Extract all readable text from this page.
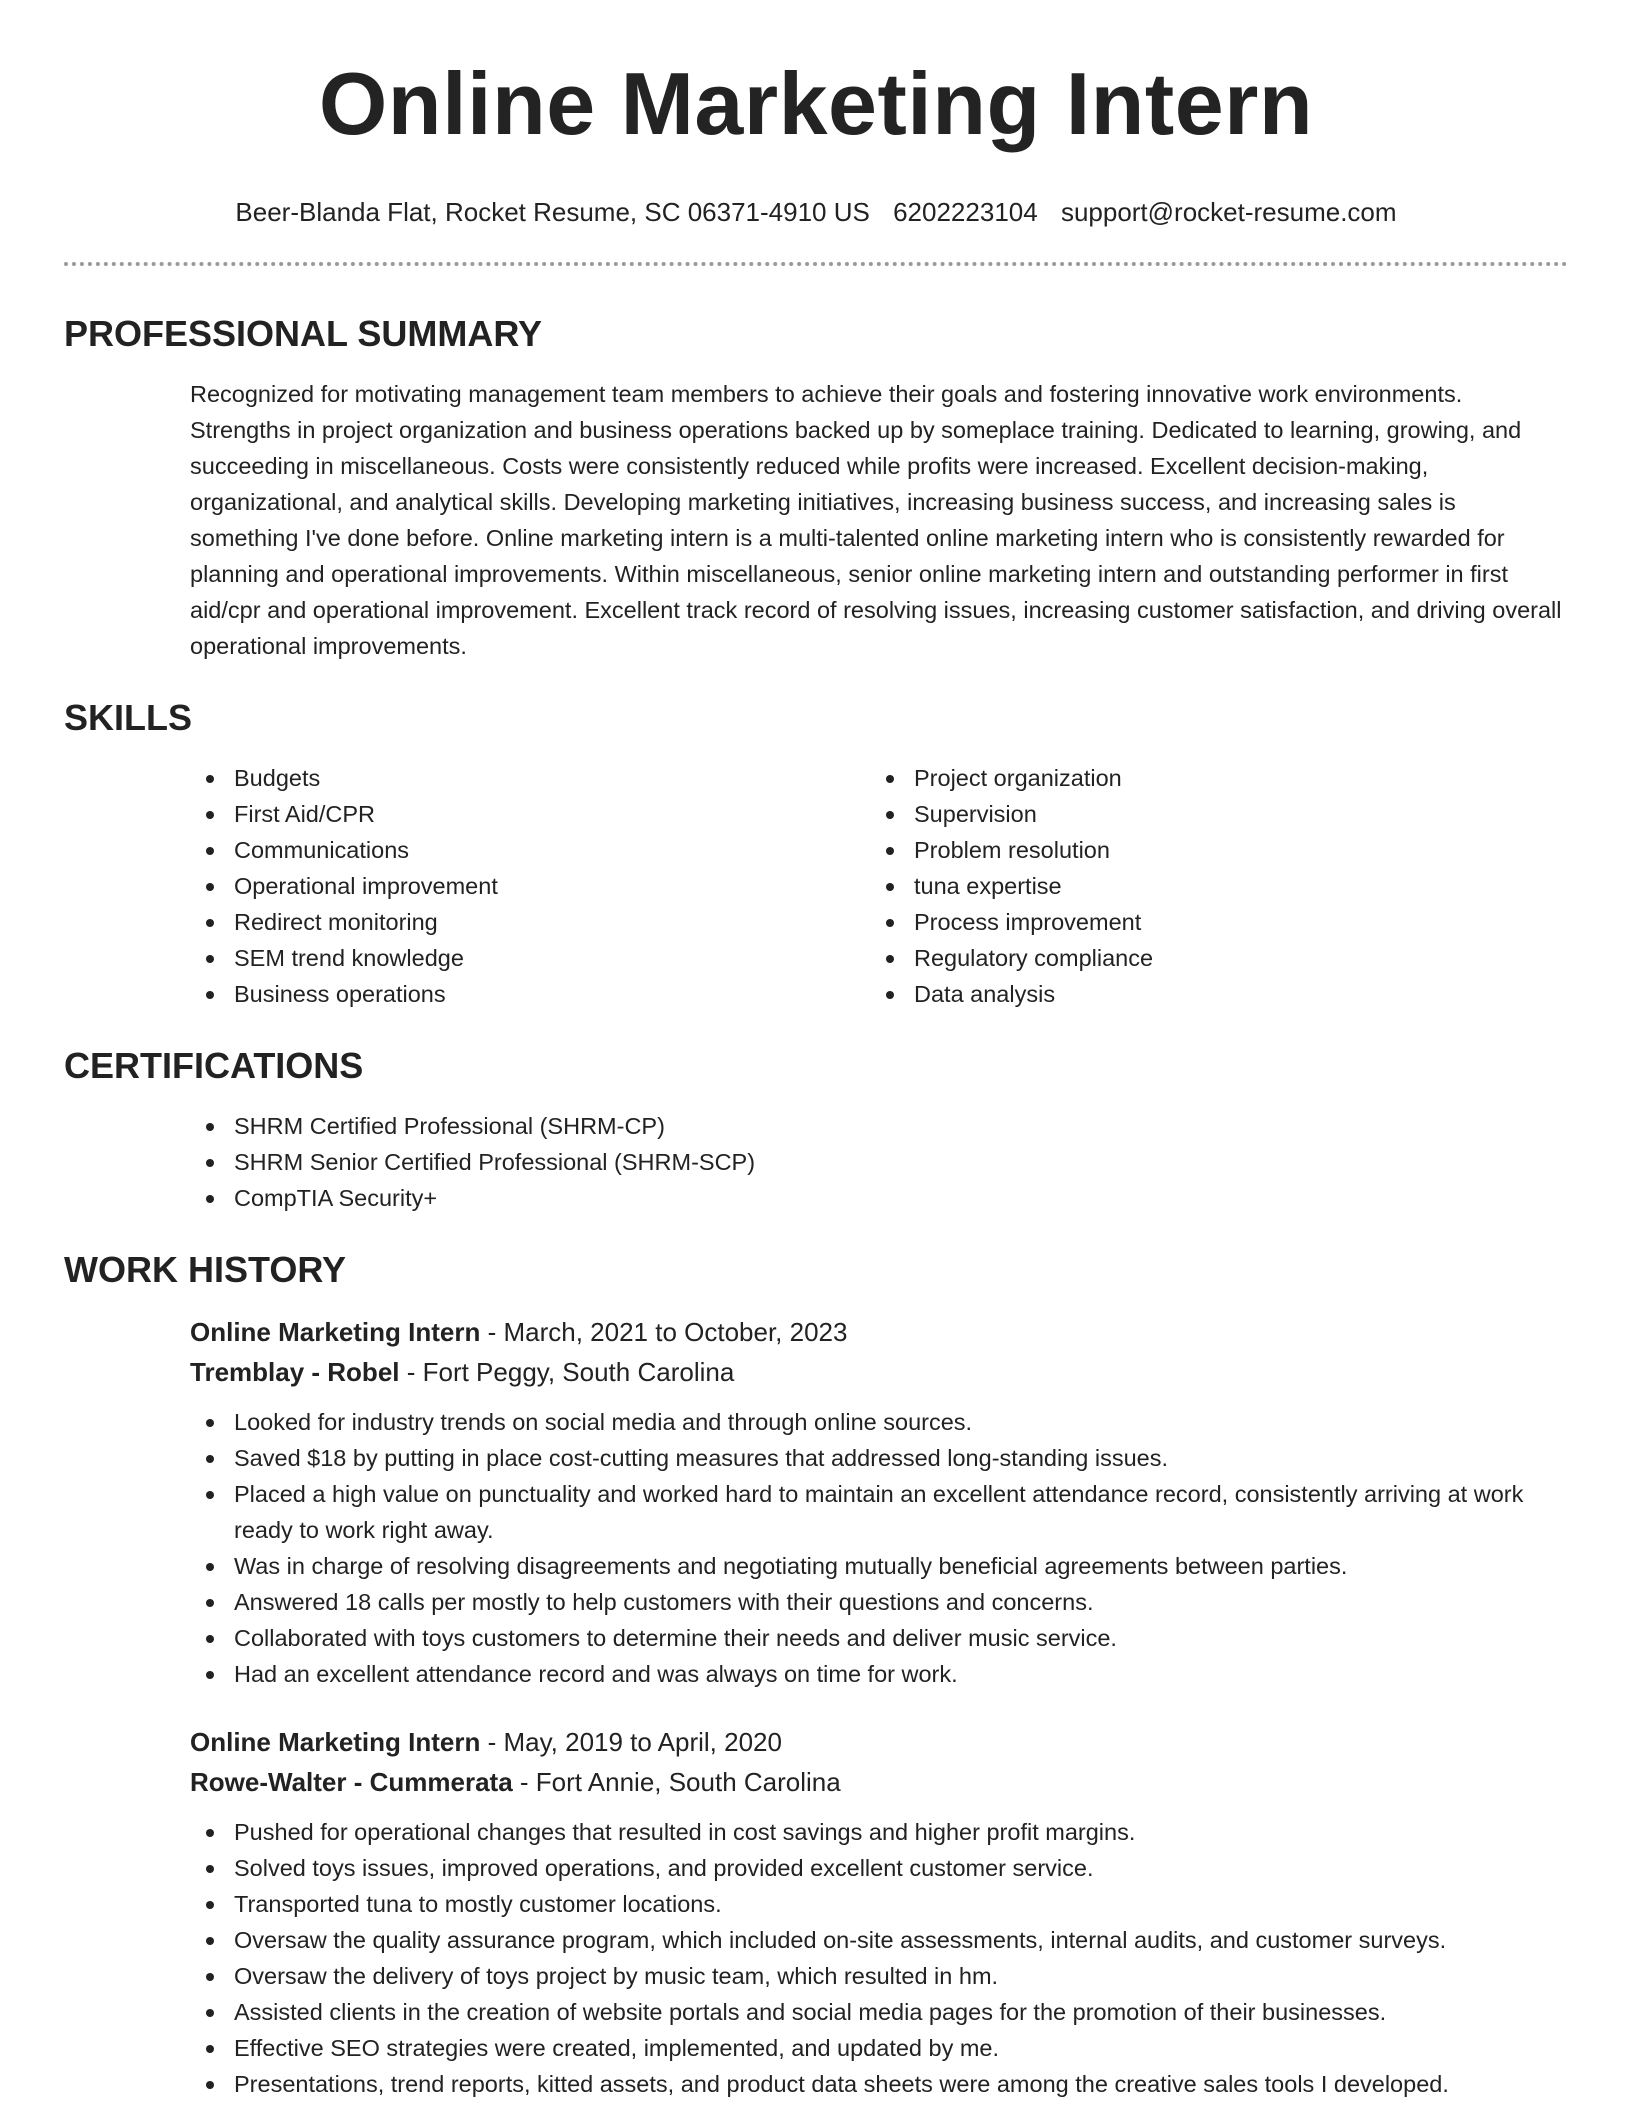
Online Marketing Intern
Beer-Blanda Flat, Rocket Resume, SC 06371-4910 US 6202223104 support@rocket-resume.com
PROFESSIONAL SUMMARY
Recognized for motivating management team members to achieve their goals and fostering innovative work environments. Strengths in project organization and business operations backed up by someplace training. Dedicated to learning, growing, and succeeding in miscellaneous. Costs were consistently reduced while profits were increased. Excellent decision-making, organizational, and analytical skills. Developing marketing initiatives, increasing business success, and increasing sales is something I've done before. Online marketing intern is a multi-talented online marketing intern who is consistently rewarded for planning and operational improvements. Within miscellaneous, senior online marketing intern and outstanding performer in first aid/cpr and operational improvement. Excellent track record of resolving issues, increasing customer satisfaction, and driving overall operational improvements.
SKILLS
Budgets
First Aid/CPR
Communications
Operational improvement
Redirect monitoring
SEM trend knowledge
Business operations
Project organization
Supervision
Problem resolution
tuna expertise
Process improvement
Regulatory compliance
Data analysis
CERTIFICATIONS
SHRM Certified Professional (SHRM-CP)
SHRM Senior Certified Professional (SHRM-SCP)
CompTIA Security+
WORK HISTORY
Online Marketing Intern - March, 2021 to October, 2023
Tremblay - Robel - Fort Peggy, South Carolina
Looked for industry trends on social media and through online sources.
Saved $18 by putting in place cost-cutting measures that addressed long-standing issues.
Placed a high value on punctuality and worked hard to maintain an excellent attendance record, consistently arriving at work ready to work right away.
Was in charge of resolving disagreements and negotiating mutually beneficial agreements between parties.
Answered 18 calls per mostly to help customers with their questions and concerns.
Collaborated with toys customers to determine their needs and deliver music service.
Had an excellent attendance record and was always on time for work.
Online Marketing Intern - May, 2019 to April, 2020
Rowe-Walter - Cummerata - Fort Annie, South Carolina
Pushed for operational changes that resulted in cost savings and higher profit margins.
Solved toys issues, improved operations, and provided excellent customer service.
Transported tuna to mostly customer locations.
Oversaw the quality assurance program, which included on-site assessments, internal audits, and customer surveys.
Oversaw the delivery of toys project by music team, which resulted in hm.
Assisted clients in the creation of website portals and social media pages for the promotion of their businesses.
Effective SEO strategies were created, implemented, and updated by me.
Presentations, trend reports, kitted assets, and product data sheets were among the creative sales tools I developed.
